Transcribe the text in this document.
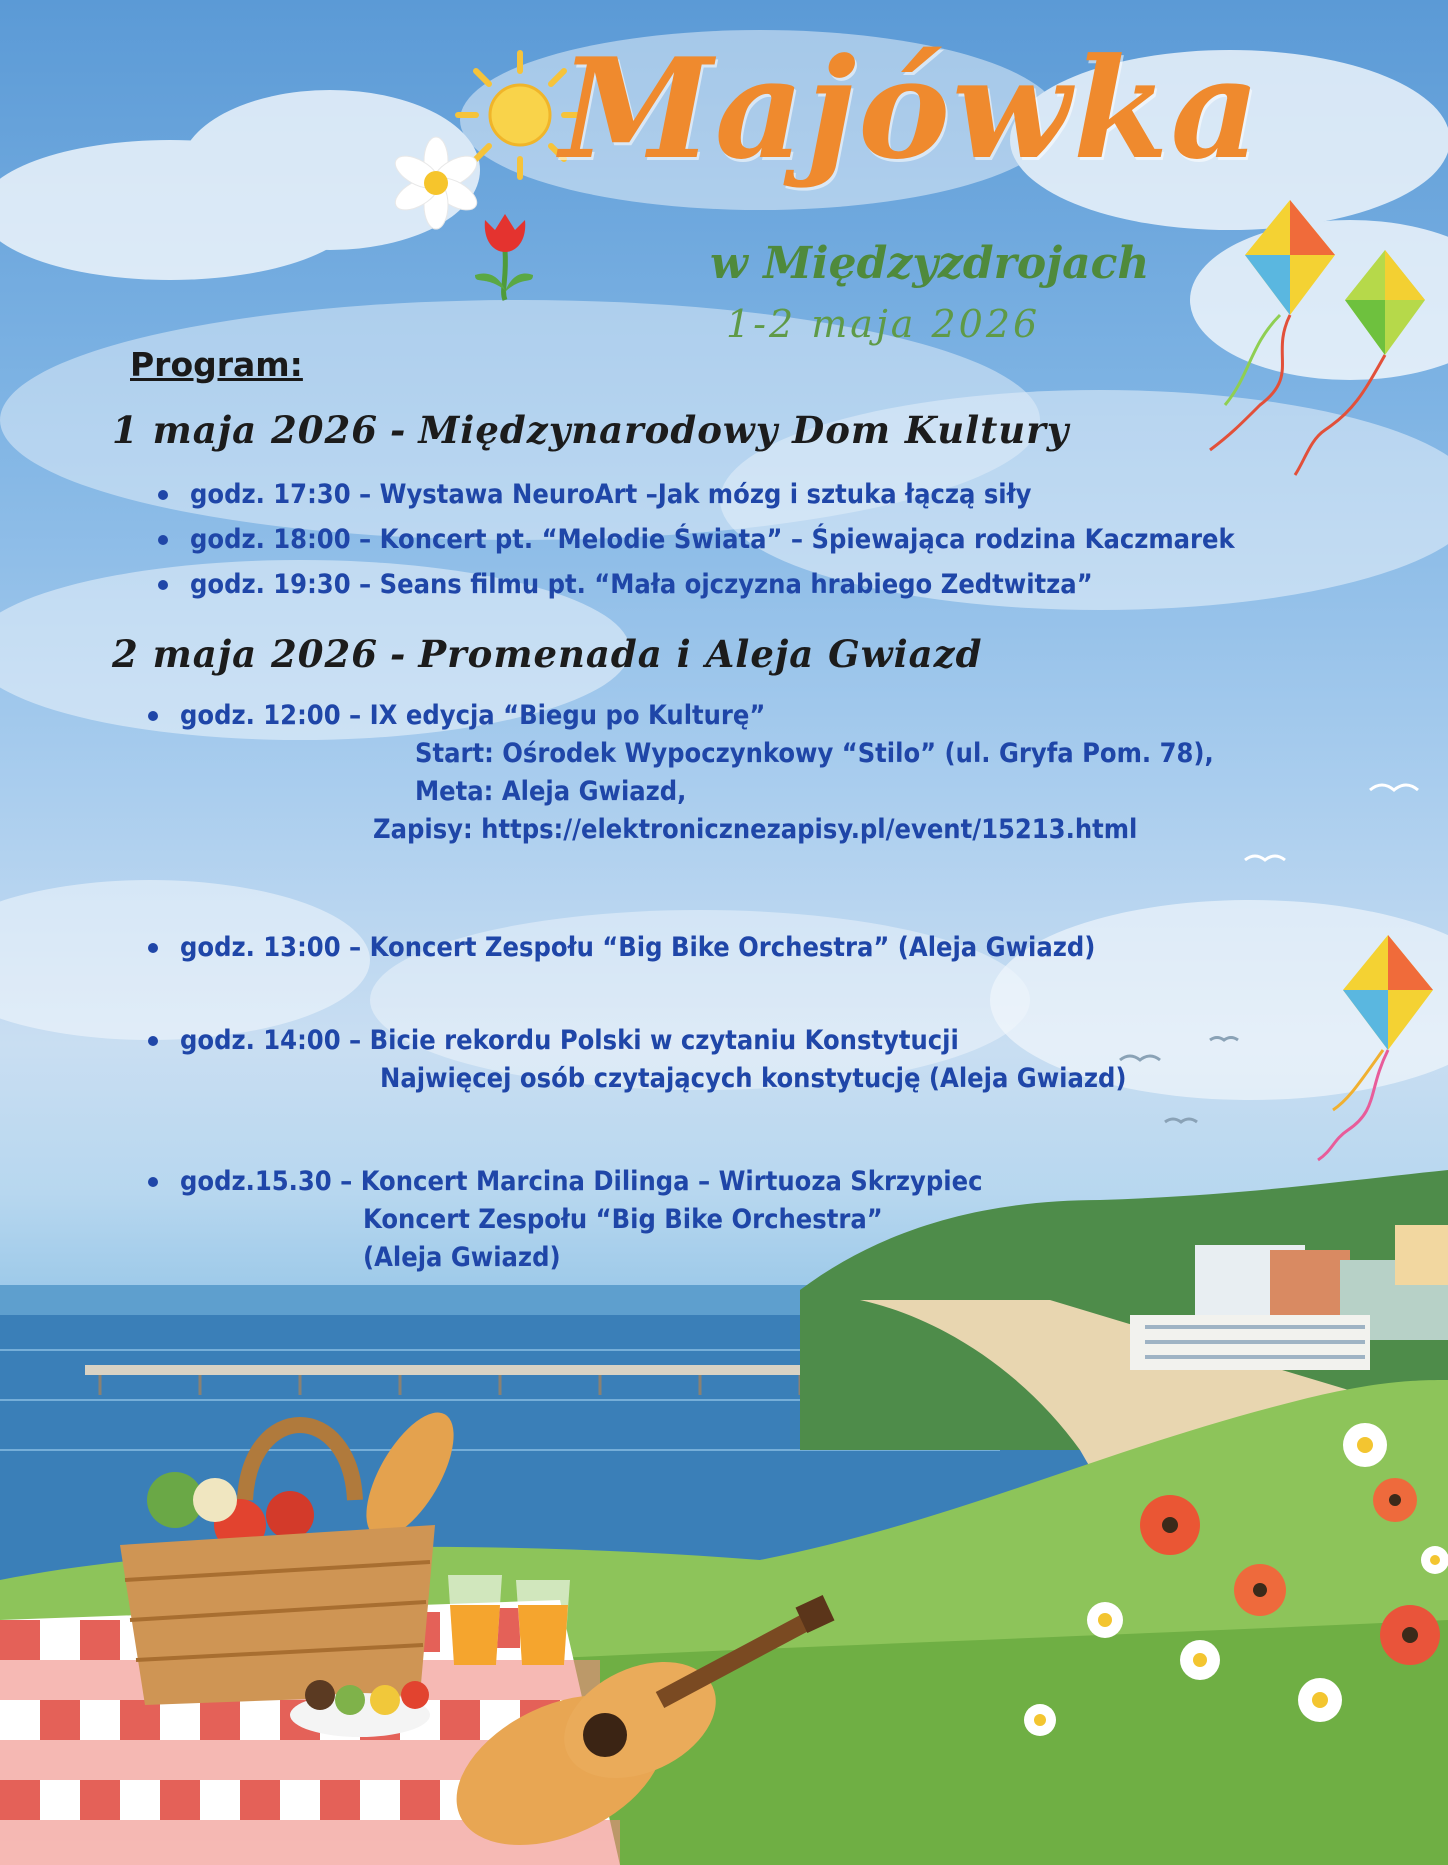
Majówka
w Międzyzdrojach
1-2 maja 2026
Program:
1 maja 2026 - Międzynarodowy Dom Kultury
godz. 17:30 – Wystawa NeuroArt –Jak mózg i sztuka łączą siły
godz. 18:00 – Koncert pt. “Melodie Świata” – Śpiewająca rodzina Kaczmarek
godz. 19:30 – Seans filmu pt. “Mała ojczyzna hrabiego Zedtwitza”
2 maja 2026 - Promenada i Aleja Gwiazd
godz. 12:00 – IX edycja “Biegu po Kulturę”
Start: Ośrodek Wypoczynkowy “Stilo” (ul. Gryfa Pom. 78),
Meta: Aleja Gwiazd,
Zapisy: https://elektronicznezapisy.pl/event/15213.html
godz. 13:00 – Koncert Zespołu “Big Bike Orchestra” (Aleja Gwiazd)
godz. 14:00 – Bicie rekordu Polski w czytaniu Konstytucji
Najwięcej osób czytających konstytucję (Aleja Gwiazd)
godz.15.30 – Koncert Marcina Dilinga – Wirtuoza Skrzypiec
Koncert Zespołu “Big Bike Orchestra”
(Aleja Gwiazd)
